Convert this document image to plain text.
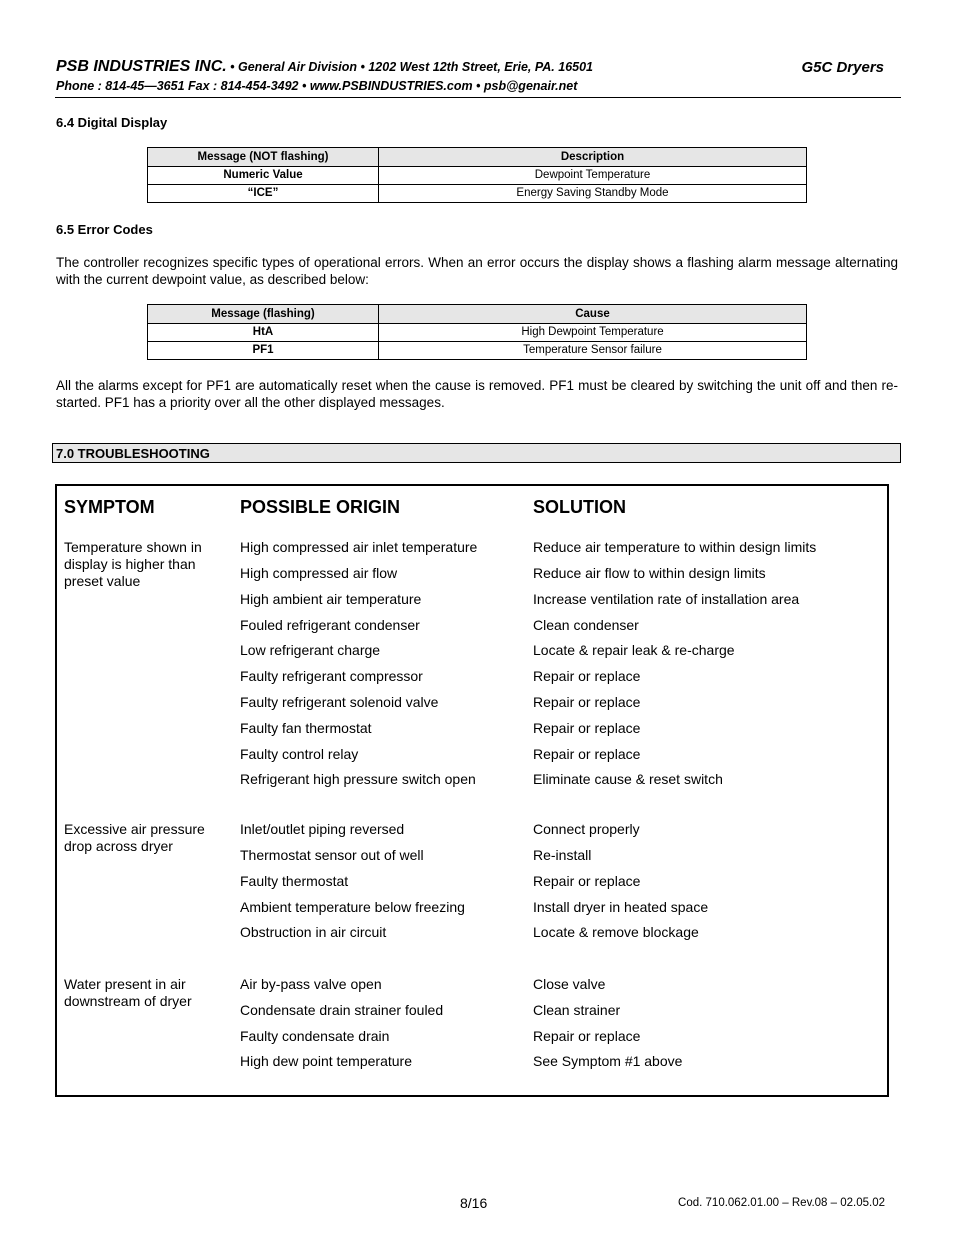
PSB INDUSTRIES INC. • General Air Division • 1202 West 12th Street, Erie, PA. 16501	G5C Dryers
Phone : 814-45—3651 Fax : 814-454-3492 • www.PSBINDUSTRIES.com • psb@genair.net
6.4 Digital Display
Message (NOT flashing)	Description
Numeric Value	Dewpoint Temperature
“ICE”	Energy Saving Standby Mode
6.5 Error Codes
The controller recognizes specific types of operational errors. When an error occurs the display shows a flashing alarm message alternating with the current dewpoint value, as described below:
Message (flashing)	Cause
HtA	High Dewpoint Temperature
PF1	Temperature Sensor failure
All the alarms except for PF1 are automatically reset when the cause is removed. PF1 must be cleared by switching the unit off and then re-started. PF1 has a priority over all the other displayed messages.
7.0 TROUBLESHOOTING
SYMPTOM	POSSIBLE ORIGIN	SOLUTION
Temperature shown in display is higher than preset value
High compressed air inlet temperature	Reduce air temperature to within design limits
High compressed air flow	Reduce air flow to within design limits
High ambient air temperature	Increase ventilation rate of installation area
Fouled refrigerant condenser	Clean condenser
Low refrigerant charge	Locate & repair leak & re-charge
Faulty refrigerant compressor	Repair or replace
Faulty refrigerant solenoid valve	Repair or replace
Faulty fan thermostat	Repair or replace
Faulty control relay	Repair or replace
Refrigerant high pressure switch open	Eliminate cause & reset switch
Excessive air pressure drop across dryer
Inlet/outlet piping reversed	Connect properly
Thermostat sensor out of well	Re-install
Faulty thermostat	Repair or replace
Ambient temperature below freezing	Install dryer in heated space
Obstruction in air circuit	Locate & remove blockage
Water present in air downstream of dryer
Air by-pass valve open	Close valve
Condensate drain strainer fouled	Clean strainer
Faulty condensate drain	Repair or replace
High dew point temperature	See Symptom #1 above
8/16	Cod. 710.062.01.00 – Rev.08 – 02.05.02
